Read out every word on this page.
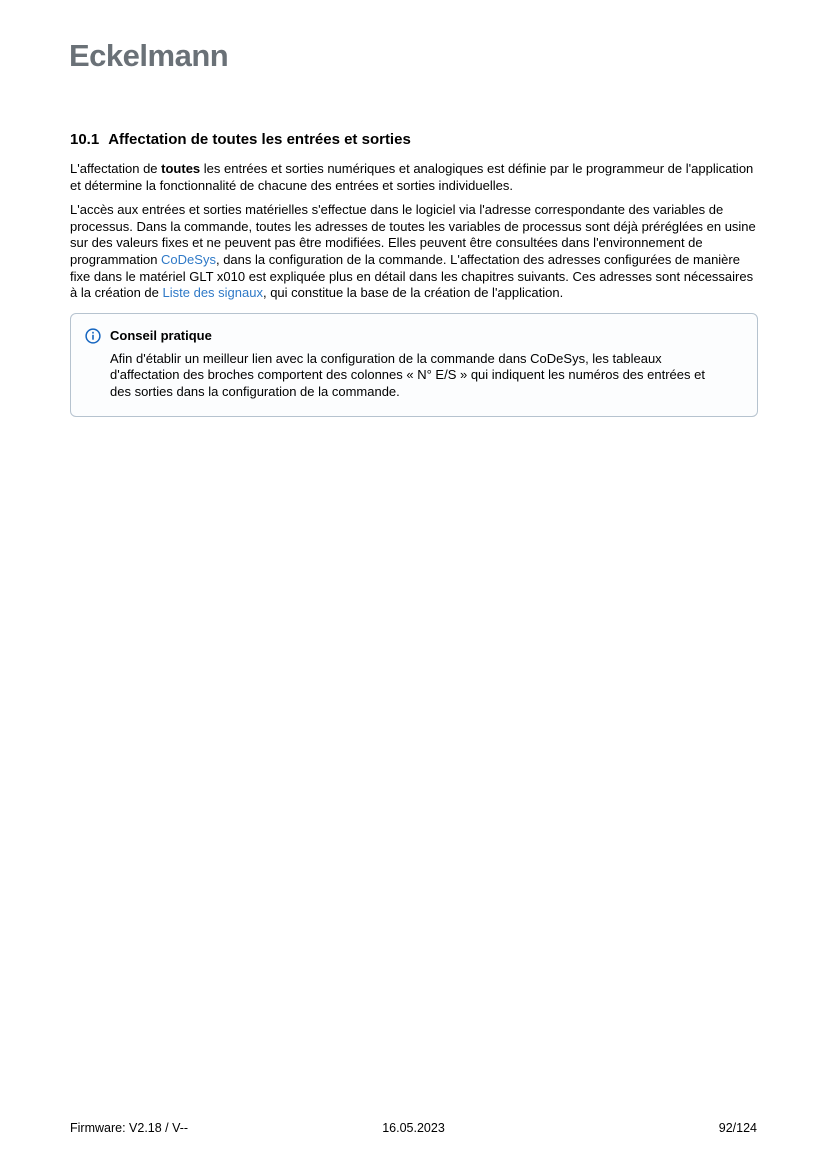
Eckelmann
10.1 Affectation de toutes les entrées et sorties

L'affectation de toutes les entrées et sorties numériques et analogiques est définie par le programmeur de l'application et détermine la fonctionnalité de chacune des entrées et sorties individuelles.

L'accès aux entrées et sorties matérielles s'effectue dans le logiciel via l'adresse correspondante des variables de processus. Dans la commande, toutes les adresses de toutes les variables de processus sont déjà préréglées en usine sur des valeurs fixes et ne peuvent pas être modifiées. Elles peuvent être consultées dans l'environnement de programmation CoDeSys, dans la configuration de la commande. L'affectation des adresses configurées de manière fixe dans le matériel GLT x010 est expliquée plus en détail dans les chapitres suivants. Ces adresses sont nécessaires à la création de Liste des signaux, qui constitue la base de la création de l'application.

Conseil pratique
Afin d'établir un meilleur lien avec la configuration de la commande dans CoDeSys, les tableaux d'affectation des broches comportent des colonnes « N° E/S » qui indiquent les numéros des entrées et des sorties dans la configuration de la commande.
Firmware: V2.18 / V--	16.05.2023	92/124
